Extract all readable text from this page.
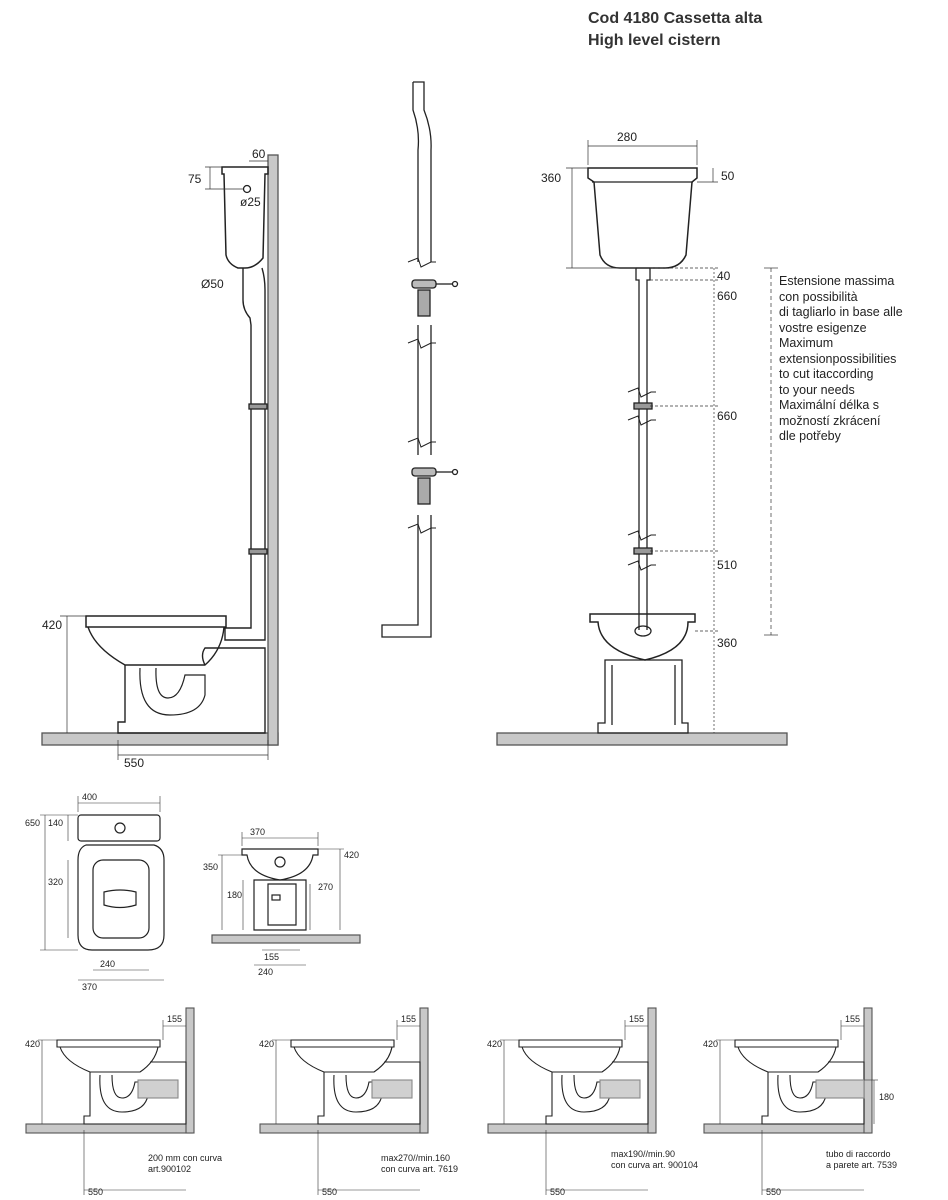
Cod 4180 Cassetta alta
High level cistern
60
75
ø25
Ø50
420
550
280
360	50
40
660
660
510
360
400
650 140
320
240
370
370
350
420
180
270
155
240
420
155
550
420
155
550
420
155
550
420
155
550
180
Estensione massima
con possibilità
di tagliarlo in base alle
vostre esigenze
Maximum
extensionpossibilities
to cut itaccording
to your needs
Maximální délka s
možností zkrácení
dle potřeby
200 mm con curva
art.900102
max270//min.160
con curva art. 7619
max190//min.90
con curva art. 900104
tubo di raccordo
a parete art. 7539
